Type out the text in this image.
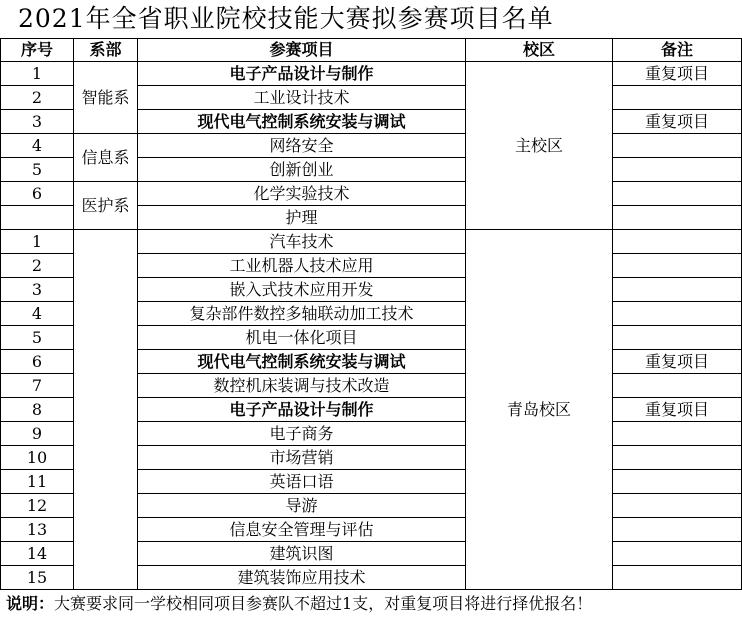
2021年全省职业院校技能大赛拟参赛项目名单
序号	系部	参赛项目	校区	备注
1	智能系	电子产品设计与制作	主校区	重复项目
2		工业设计技术		
3		现代电气控制系统安装与调试		重复项目
4	信息系	网络安全		
5		创新创业		
6	医护系	化学实验技术		
		护理		
1		汽车技术	青岛校区	
2		工业机器人技术应用		
3		嵌入式技术应用开发		
4		复杂部件数控多轴联动加工技术		
5		机电一体化项目		
6		现代电气控制系统安装与调试		重复项目
7		数控机床装调与技术改造		
8		电子产品设计与制作		重复项目
9		电子商务		
10		市场营销		
11		英语口语		
12		导游		
13		信息安全管理与评估		
14		建筑识图		
15		建筑装饰应用技术		
说明：大赛要求同一学校相同项目参赛队不超过1支，对重复项目将进行择优报名！
